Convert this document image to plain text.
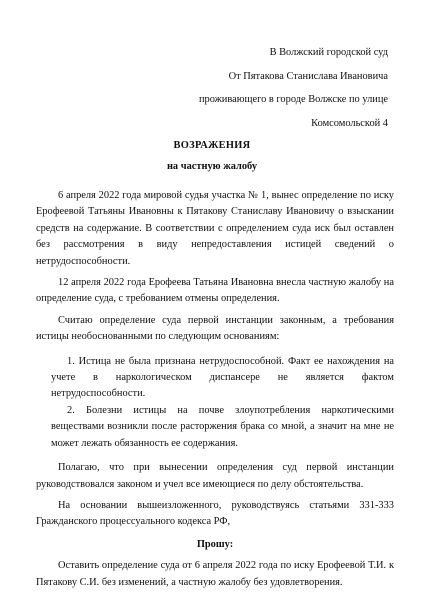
В Волжский городской суд
От Пятакова Станислава Ивановича
проживающего в городе Волжске по улице
Комсомольской 4
ВОЗРАЖЕНИЯ
на частную жалобу

6 апреля 2022 года мировой судья участка № 1, вынес определение по иску Ерофеевой Татьяны Ивановны к Пятакову Станиславу Ивановичу о взыскании средств на содержание. В соответствии с определением суда иск был оставлен без рассмотрения в виду непредоставления истицей сведений о нетрудоспособности.

12 апреля 2022 года Ерофеева Татьяна Ивановна внесла частную жалобу на определение суда, с требованием отмены определения.

Считаю определение суда первой инстанции законным, а требования истицы необоснованными по следующим основаниям:

1. Истица не была признана нетрудоспособной. Факт ее нахождения на учете в наркологическом диспансере не является фактом нетрудоспособности.

2. Болезни истицы на почве злоупотребления наркотическими веществами возникли после расторжения брака со мной, а значит на мне не может лежать обязанность ее содержания.

Полагаю, что при вынесении определения суд первой инстанции руководствовался законом и учел все имеющиеся по делу обстоятельства.

На основании вышеизложенного, руководствуясь статьями 331-333 Гражданского процессуального кодекса РФ,

Прошу:

Оставить определение суда от 6 апреля 2022 года по иску Ерофеевой Т.И. к Пятакову С.И. без изменений, а частную жалобу без удовлетворения.
